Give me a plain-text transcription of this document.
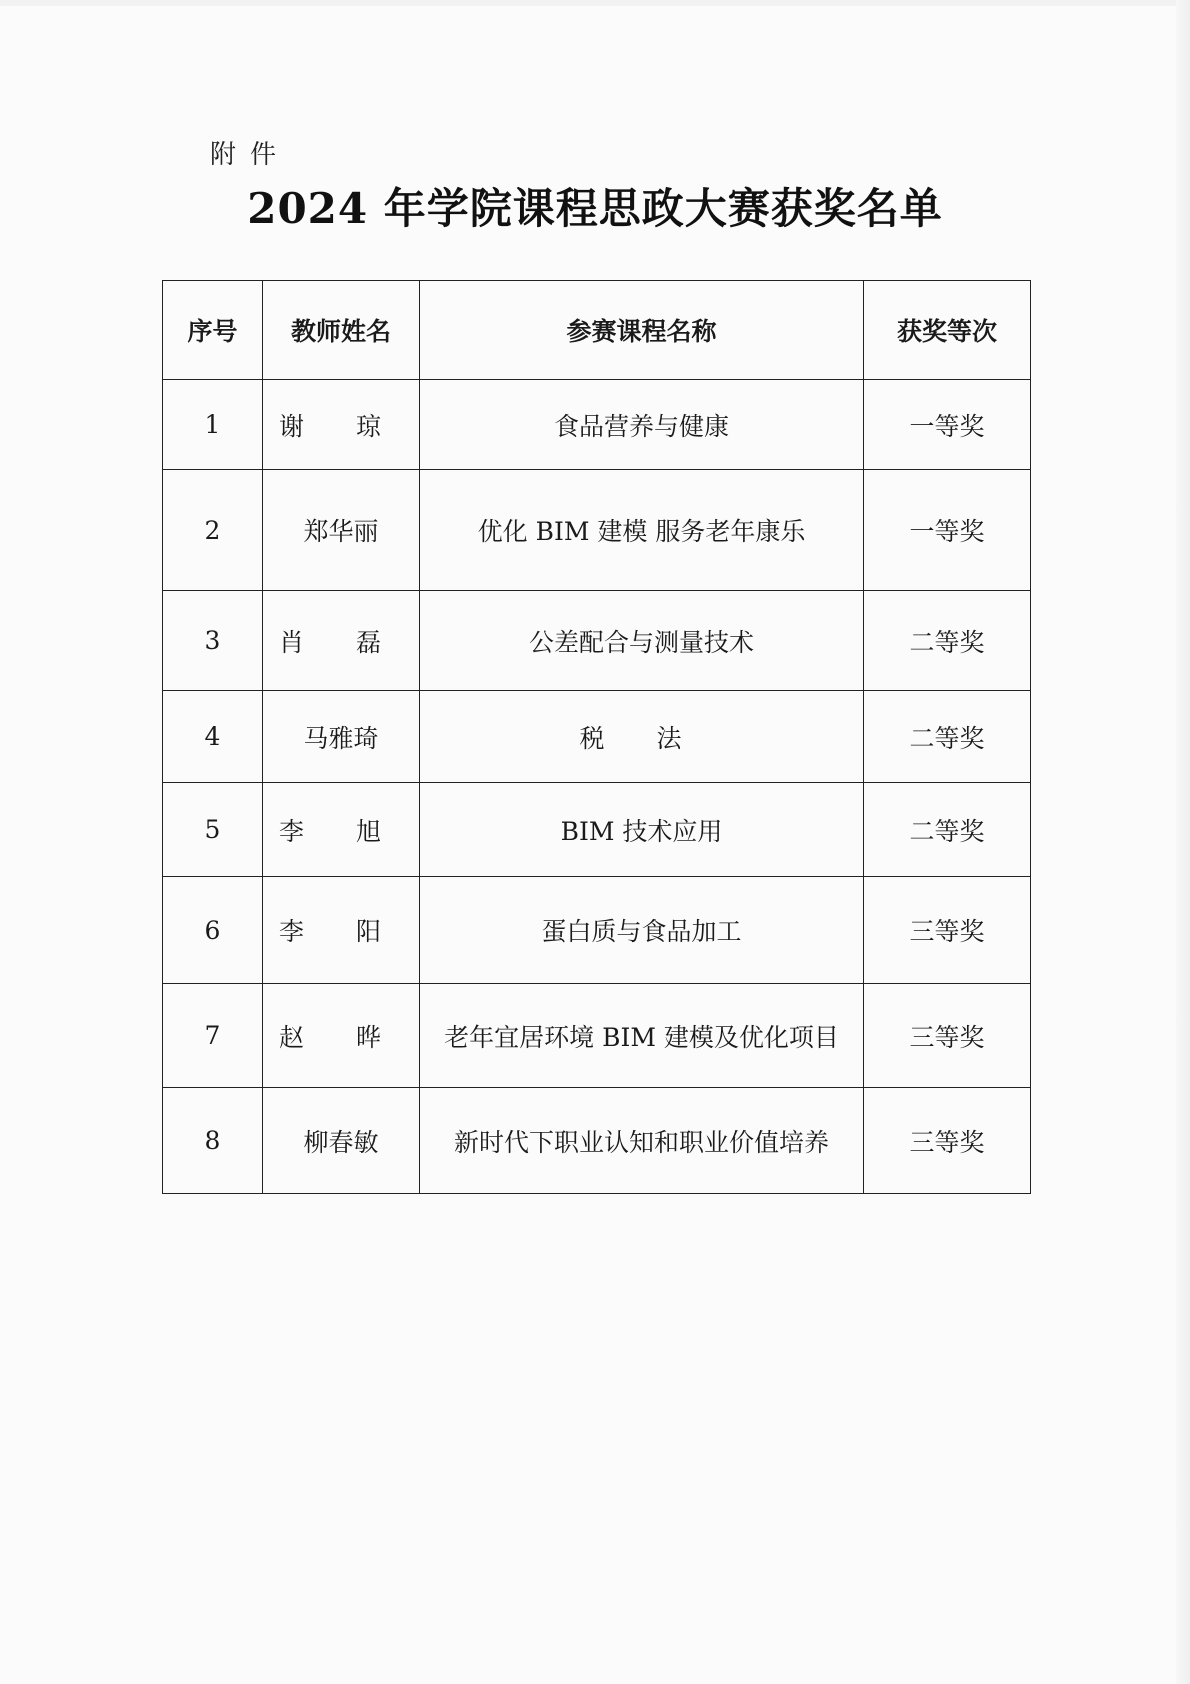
附件
2024 年学院课程思政大赛获奖名单
序号	教师姓名	参赛课程名称	获奖等次
1	谢 琼	食品营养与健康	一等奖
2	郑华丽	优化 BIM 建模 服务老年康乐	一等奖
3	肖 磊	公差配合与测量技术	二等奖
4	马雅琦	税 法	二等奖
5	李 旭	BIM 技术应用	二等奖
6	李 阳	蛋白质与食品加工	三等奖
7	赵 晔	老年宜居环境 BIM 建模及优化项目	三等奖
8	柳春敏	新时代下职业认知和职业价值培养	三等奖
